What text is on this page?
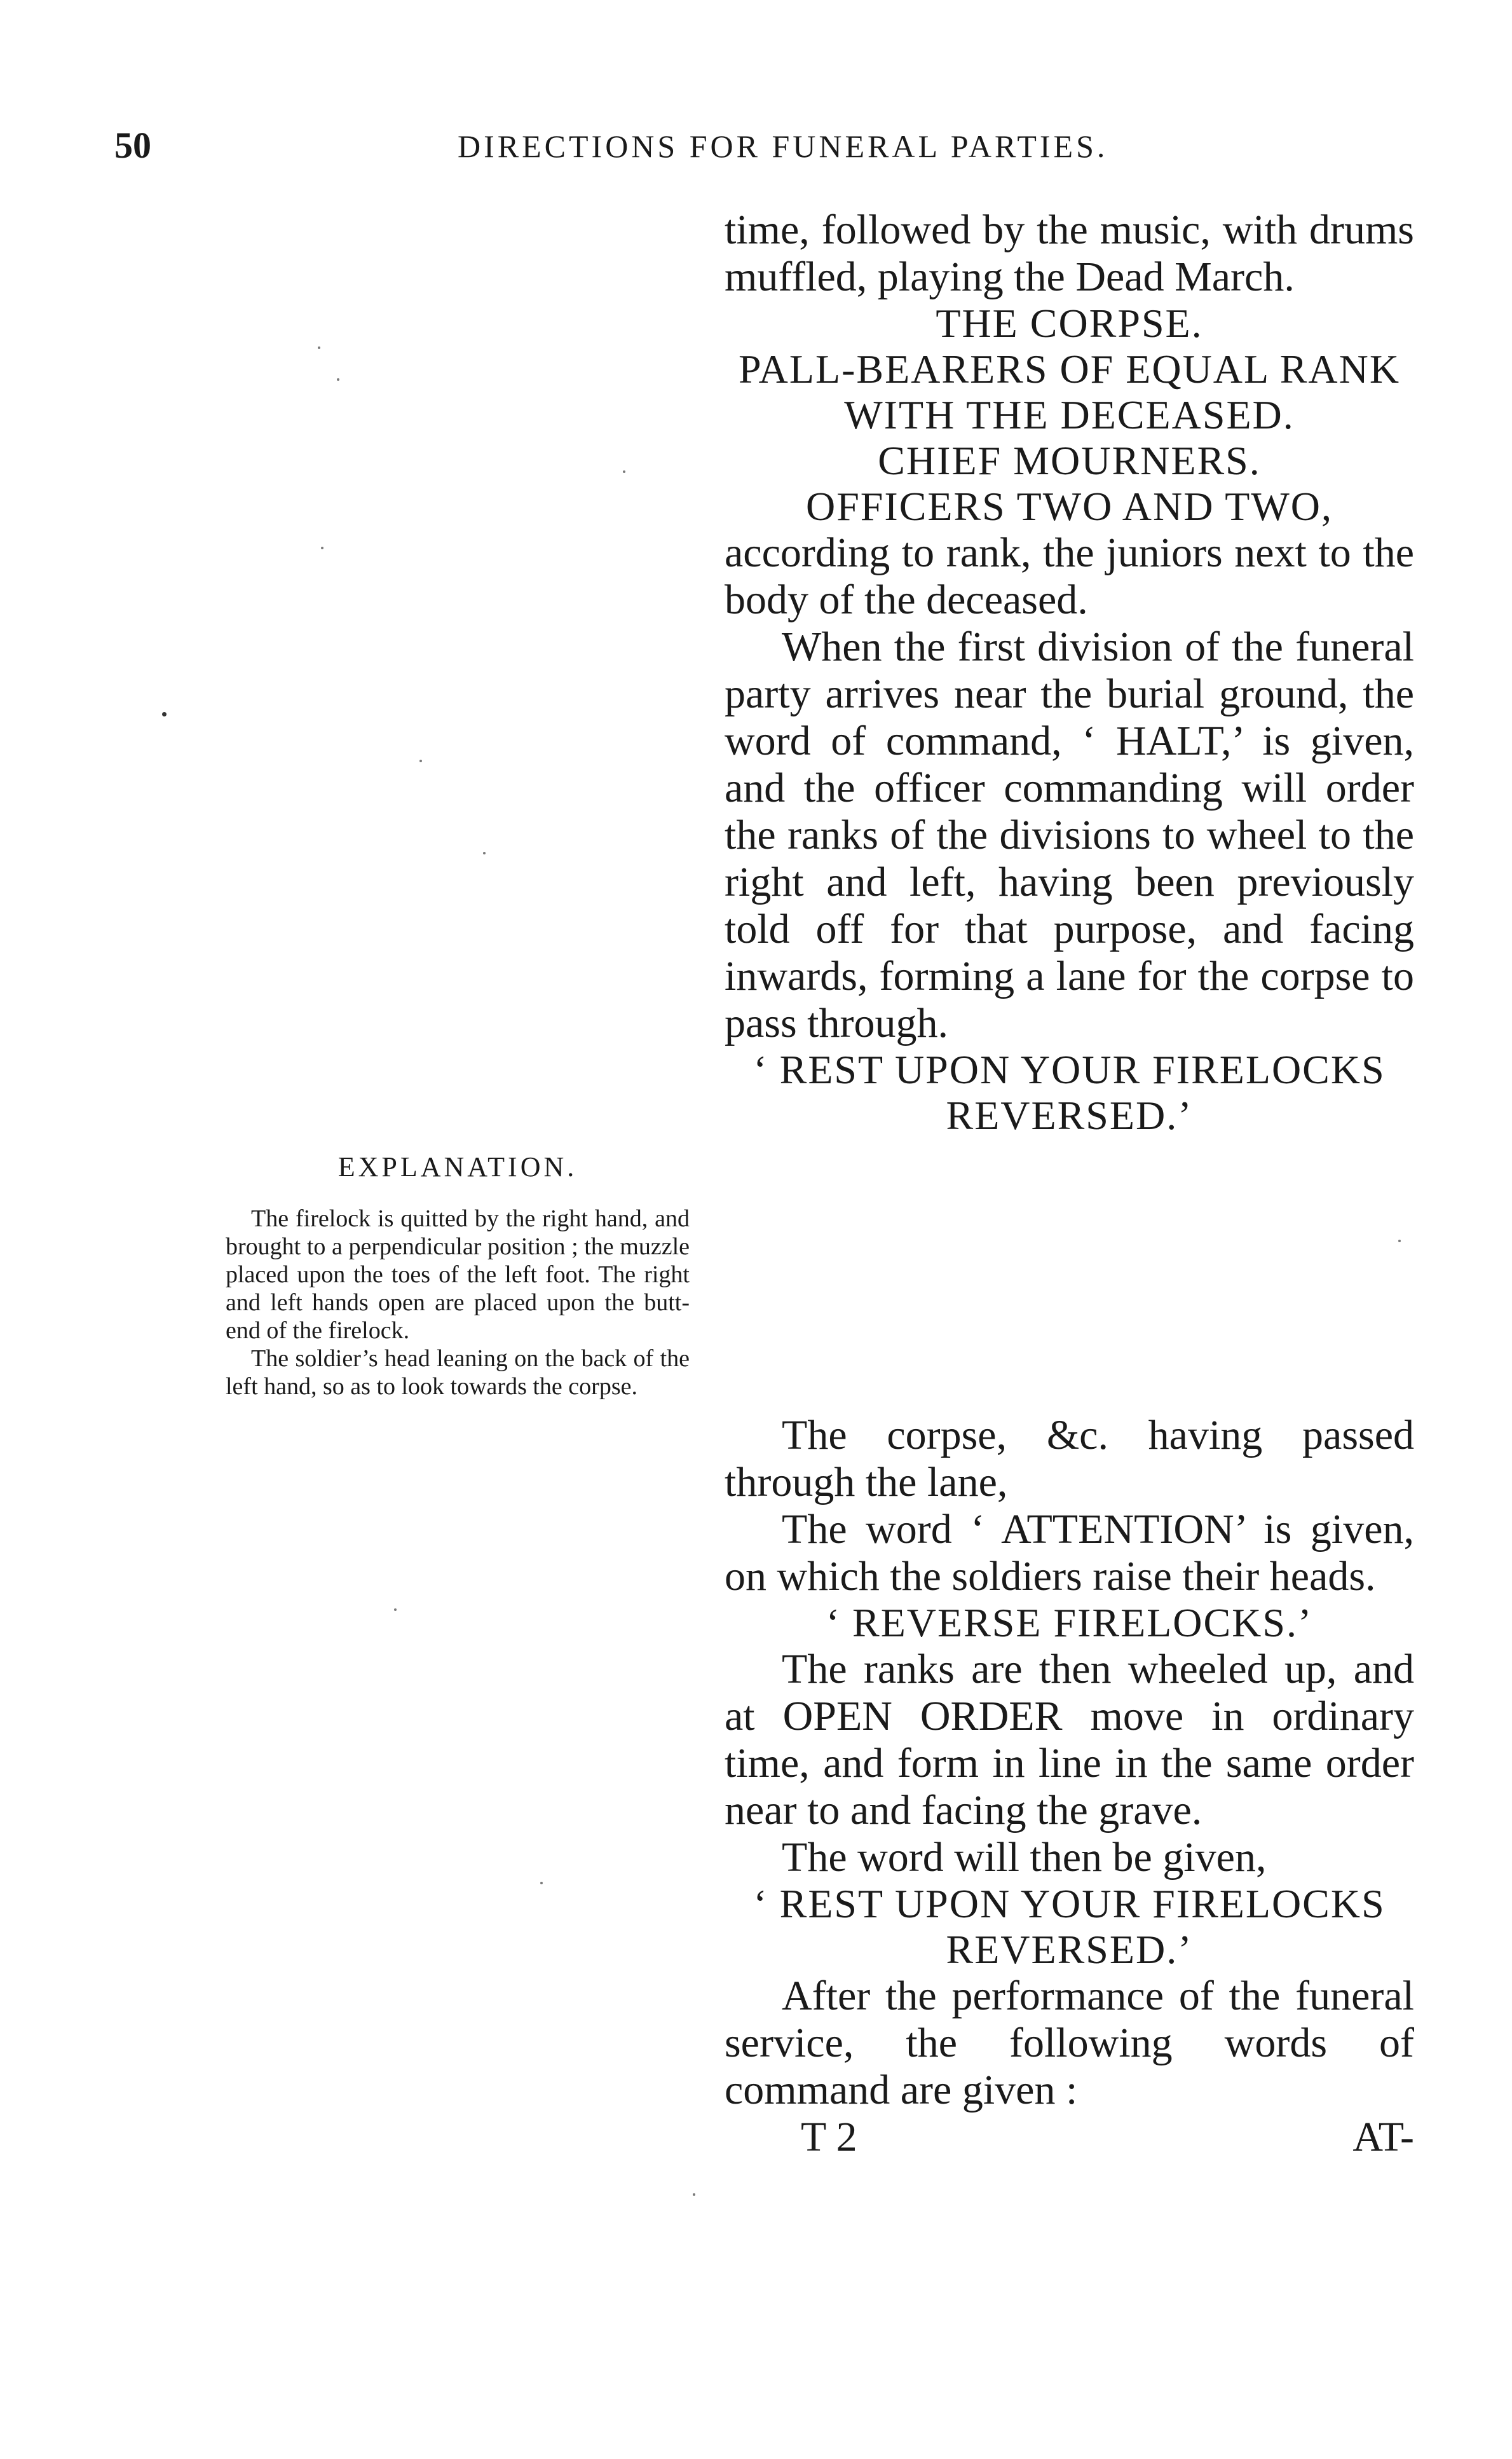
50	DIRECTIONS FOR FUNERAL PARTIES.

time, followed by the music, with drums muffled, playing the Dead March.

THE CORPSE.
PALL-BEARERS OF EQUAL RANK WITH THE DECEASED.
CHIEF MOURNERS.
OFFICERS TWO AND TWO,

according to rank, the juniors next to the body of the deceased.

When the first division of the funeral party arrives near the burial ground, the word of command, ‘ HALT,’ is given, and the officer commanding will order the ranks of the divisions to wheel to the right and left, having been previously told off for that purpose, and facing inwards, forming a lane for the corpse to pass through.

‘ REST UPON YOUR FIRELOCKS REVERSED.’

The corpse, &c. having passed through the lane,

The word ‘ ATTENTION’ is given, on which the soldiers raise their heads.

‘ REVERSE FIRELOCKS.’

The ranks are then wheeled up, and at OPEN ORDER move in ordinary time, and form in line in the same order near to and facing the grave.

The word will then be given,

‘ REST UPON YOUR FIRELOCKS REVERSED.’

After the performance of the funeral service, the following words of command are given :

T 2	AT-
EXPLANATION.

The firelock is quitted by the right hand, and brought to a perpendicular position ; the muzzle placed upon the toes of the left foot. The right and left hands open are placed upon the butt-end of the firelock.

The soldier’s head leaning on the back of the left hand, so as to look towards the corpse.
